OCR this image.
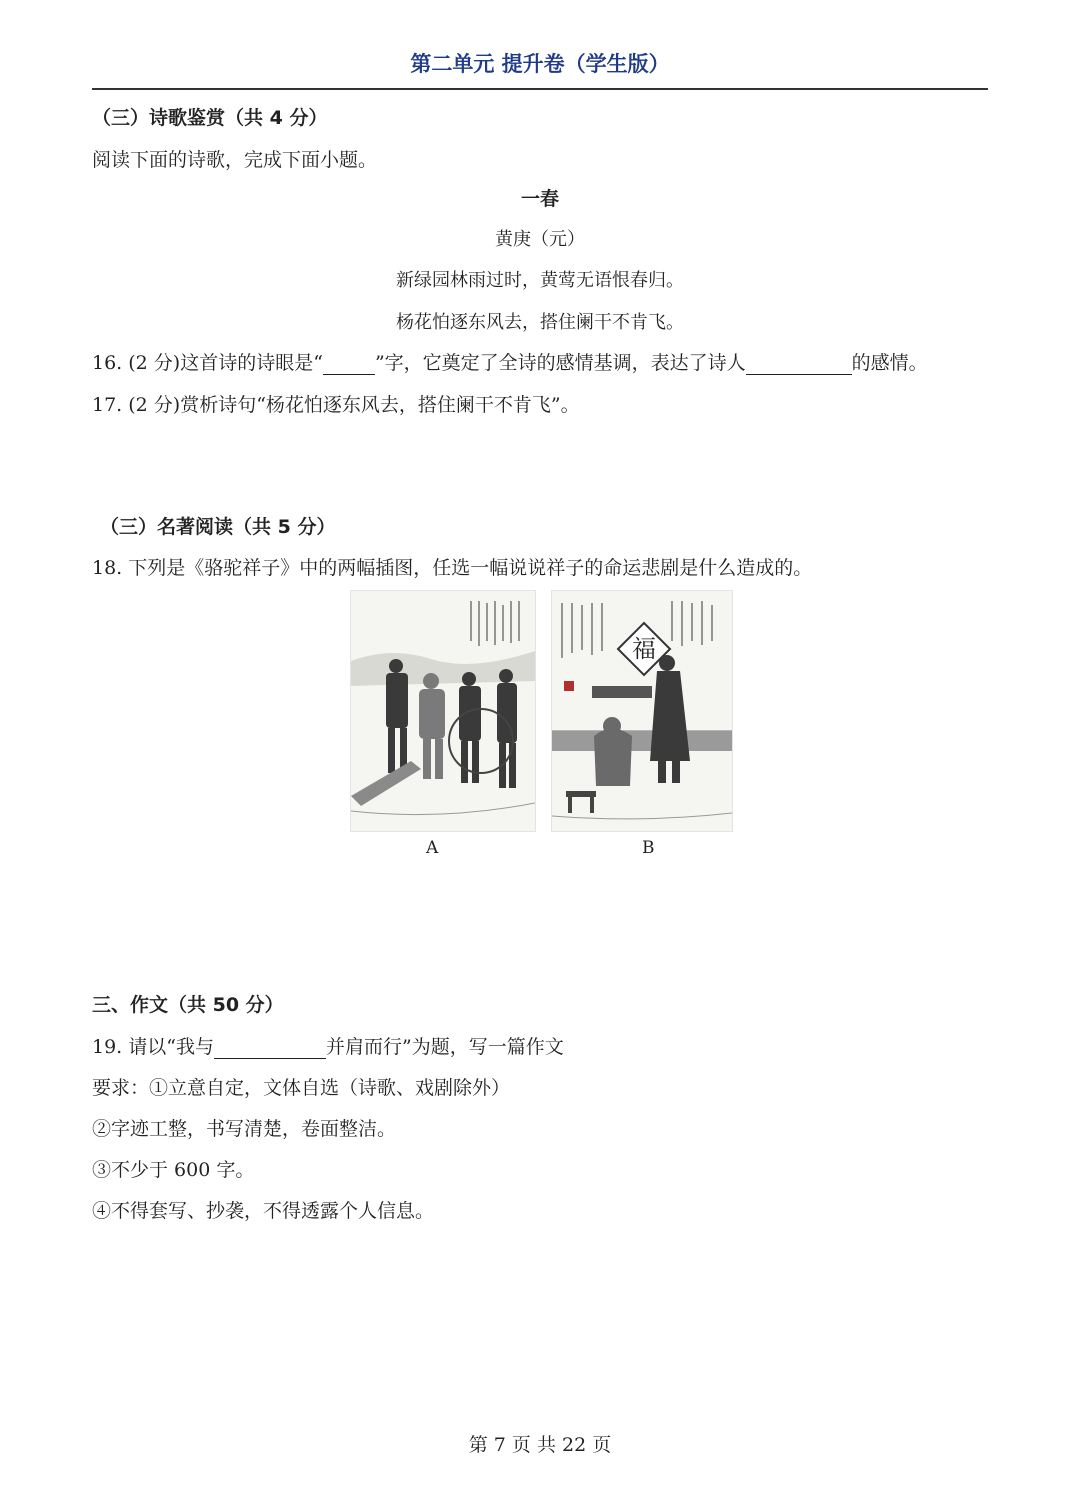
第二单元 提升卷（学生版）
（三）诗歌鉴赏（共 4 分）
阅读下面的诗歌，完成下面小题。
一春
黄庚（元）
新绿园林雨过时，黄莺无语恨春归。
杨花怕逐东风去，搭住阑干不肯飞。
16. (2 分)这首诗的诗眼是“	”字，它奠定了全诗的感情基调，表达了诗人	的感情。
17. (2 分)赏析诗句“杨花怕逐东风去，搭住阑干不肯飞”。
（三）名著阅读（共 5 分）
18. 下列是《骆驼祥子》中的两幅插图，任选一幅说说祥子的命运悲剧是什么造成的。
福
A	B
三、作文（共 50 分）
19. 请以“我与	并肩而行”为题，写一篇作文
要求：①立意自定，文体自选（诗歌、戏剧除外）
②字迹工整，书写清楚，卷面整洁。
③不少于 600 字。
④不得套写、抄袭，不得透露个人信息。
第 7 页 共 22 页
